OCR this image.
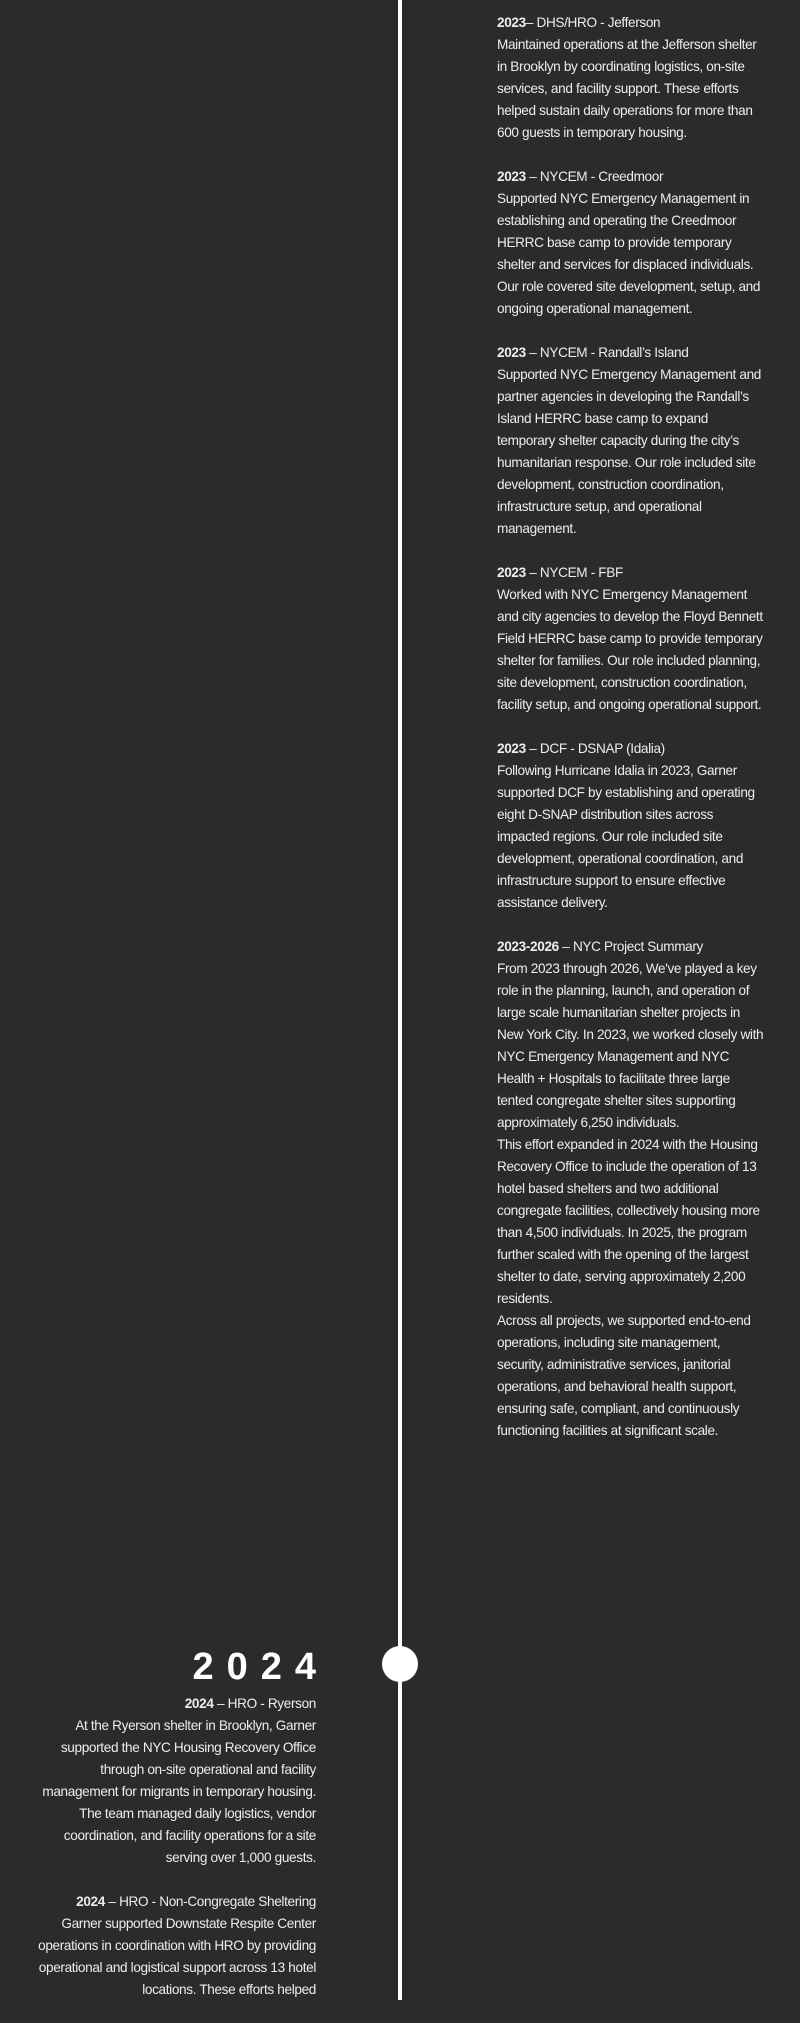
2023– DHS/HRO - Jefferson

Maintained operations at the Jefferson shelter in Brooklyn by coordinating logistics, on-site services, and facility support. These efforts helped sustain daily operations for more than 600 guests in temporary housing.

2023 – NYCEM - Creedmoor

Supported NYC Emergency Management in establishing and operating the Creedmoor HERRC base camp to provide temporary shelter and services for displaced individuals. Our role covered site development, setup, and ongoing operational management.

2023 – NYCEM - Randall’s Island

Supported NYC Emergency Management and partner agencies in developing the Randall’s Island HERRC base camp to expand temporary shelter capacity during the city’s humanitarian response. Our role included site development, construction coordination, infrastructure setup, and operational management.

2023 – NYCEM - FBF

Worked with NYC Emergency Management and city agencies to develop the Floyd Bennett Field HERRC base camp to provide temporary shelter for families. Our role included planning, site development, construction coordination, facility setup, and ongoing operational support.

2023 – DCF - DSNAP (Idalia)

Following Hurricane Idalia in 2023, Garner supported DCF by establishing and operating eight D-SNAP distribution sites across impacted regions. Our role included site development, operational coordination, and infrastructure support to ensure effective assistance delivery.

2023-2026 – NYC Project Summary

From 2023 through 2026, We've played a key role in the planning, launch, and operation of large scale humanitarian shelter projects in New York City. In 2023, we worked closely with NYC Emergency Management and NYC Health + Hospitals to facilitate three large tented congregate shelter sites supporting approximately 6,250 individuals.

This effort expanded in 2024 with the Housing Recovery Office to include the operation of 13 hotel based shelters and two additional congregate facilities, collectively housing more than 4,500 individuals. In 2025, the program further scaled with the opening of the largest shelter to date, serving approximately 2,200 residents.

Across all projects, we supported end-to-end operations, including site management, security, administrative services, janitorial operations, and behavioral health support, ensuring safe, compliant, and continuously functioning facilities at significant scale.

2024

2024 – HRO - Ryerson

At the Ryerson shelter in Brooklyn, Garner supported the NYC Housing Recovery Office through on-site operational and facility management for migrants in temporary housing. The team managed daily logistics, vendor coordination, and facility operations for a site serving over 1,000 guests.

2024 – HRO - Non-Congregate Sheltering

Garner supported Downstate Respite Center operations in coordination with HRO by providing operational and logistical support across 13 hotel locations. These efforts helped
